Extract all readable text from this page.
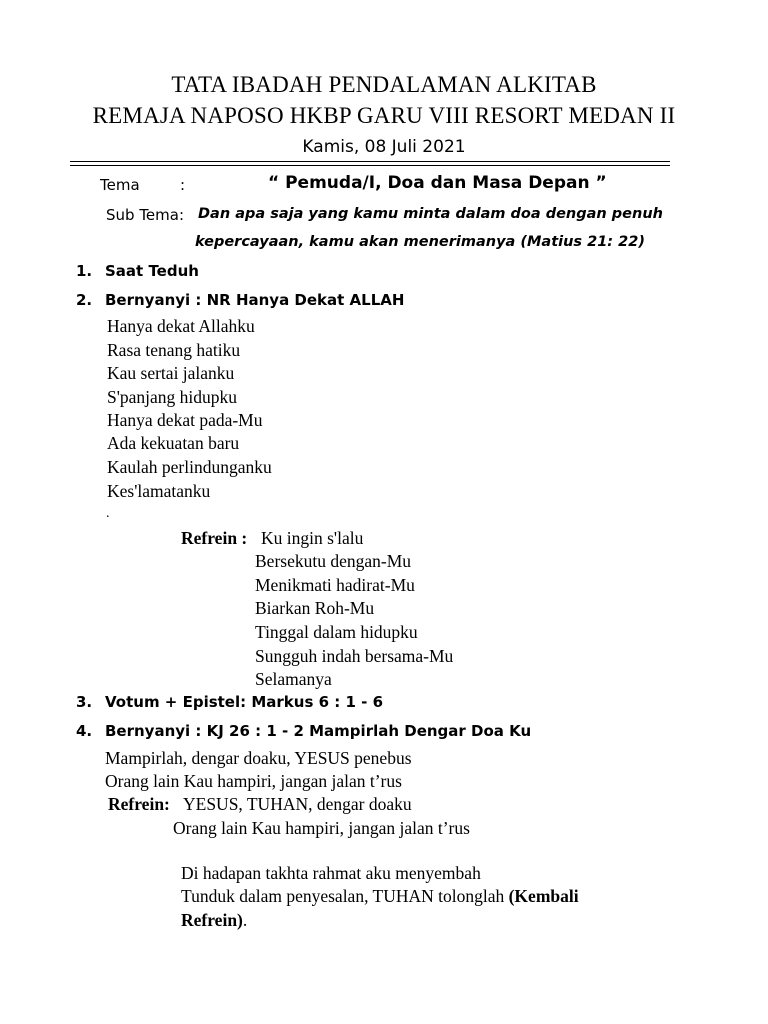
TATA IBADAH PENDALAMAN ALKITAB
REMAJA NAPOSO HKBP GARU VIII RESORT MEDAN II
Kamis, 08 Juli 2021
Tema	:	“ Pemuda/I, Doa dan Masa Depan ”
Sub Tema: Dan apa saja yang kamu minta dalam doa dengan penuh
kepercayaan, kamu akan menerimanya (Matius 21: 22)
1. Saat Teduh
2. Bernyanyi : NR Hanya Dekat ALLAH
Hanya dekat Allahku
Rasa tenang hatiku
Kau sertai jalanku
S'panjang hidupku
Hanya dekat pada-Mu
Ada kekuatan baru
Kaulah perlindunganku
Kes'lamatanku
.
Refrein : Ku ingin s'lalu
Bersekutu dengan-Mu
Menikmati hadirat-Mu
Biarkan Roh-Mu
Tinggal dalam hidupku
Sungguh indah bersama-Mu
Selamanya
3. Votum + Epistel: Markus 6 : 1 - 6
4. Bernyanyi : KJ 26 : 1 - 2 Mampirlah Dengar Doa Ku
Mampirlah, dengar doaku, YESUS penebus
Orang lain Kau hampiri, jangan jalan t’rus
Refrein: YESUS, TUHAN, dengar doaku
Orang lain Kau hampiri, jangan jalan t’rus
Di hadapan takhta rahmat aku menyembah
Tunduk dalam penyesalan, TUHAN tolonglah (Kembali
Refrein).
